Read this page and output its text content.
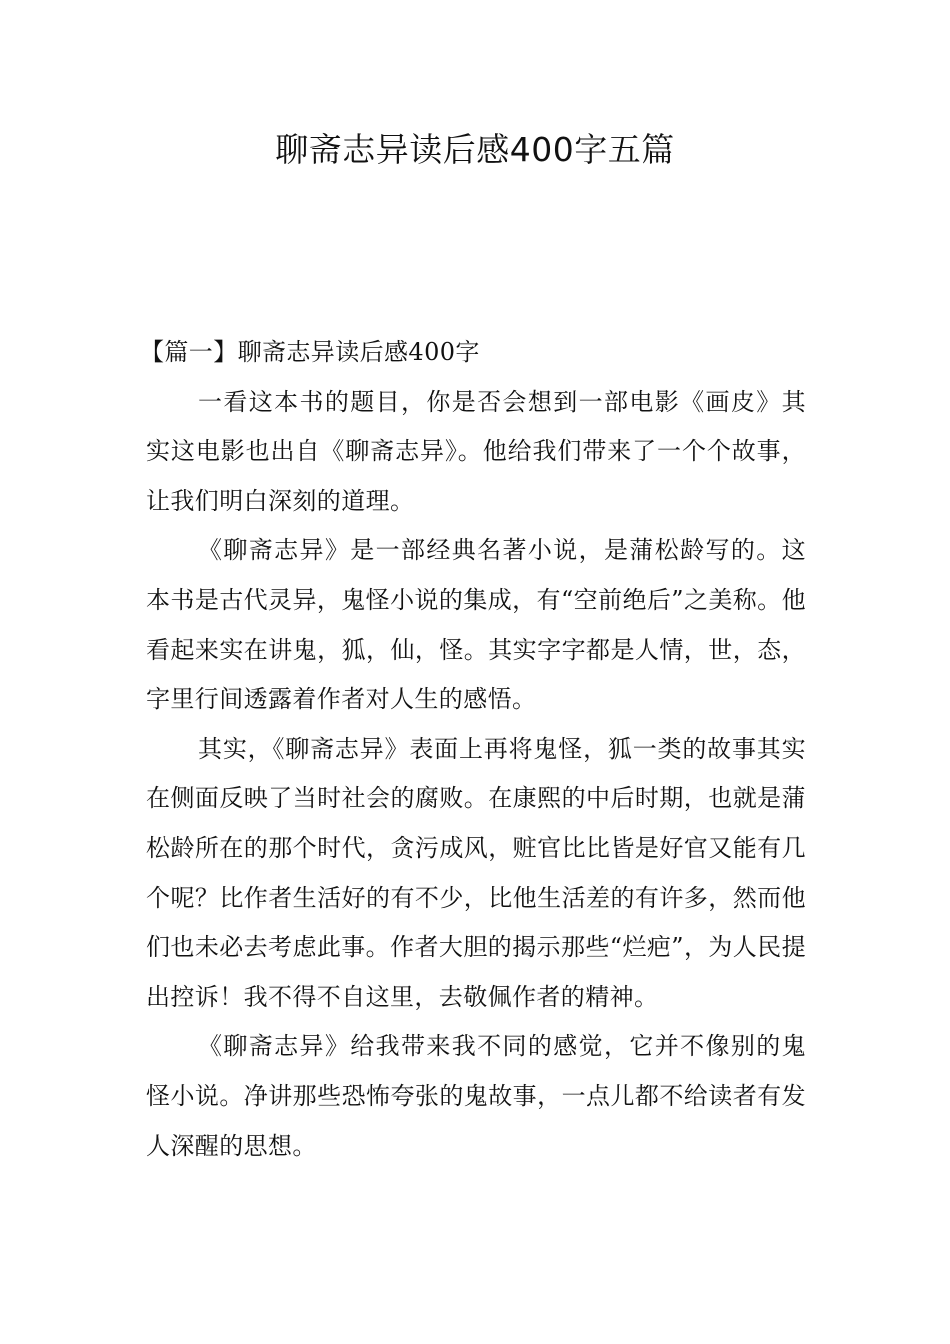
聊斋志异读后感400字五篇

【篇一】聊斋志异读后感400字

一看这本书的题目，你是否会想到一部电影《画皮》其实这电影也出自《聊斋志异》。他给我们带来了一个个故事，让我们明白深刻的道理。

《聊斋志异》是一部经典名著小说，是蒲松龄写的。这本书是古代灵异，鬼怪小说的集成，有“空前绝后”之美称。他看起来实在讲鬼，狐，仙，怪。其实字字都是人情，世，态，字里行间透露着作者对人生的感悟。

其实，《聊斋志异》表面上再将鬼怪，狐一类的故事其实在侧面反映了当时社会的腐败。在康熙的中后时期，也就是蒲松龄所在的那个时代，贪污成风，赃官比比皆是好官又能有几个呢？比作者生活好的有不少，比他生活差的有许多，然而他们也未必去考虑此事。作者大胆的揭示那些“烂疤”，为人民提出控诉！我不得不自这里，去敬佩作者的精神。

《聊斋志异》给我带来我不同的感觉，它并不像别的鬼怪小说。净讲那些恐怖夸张的鬼故事，一点儿都不给读者有发人深醒的思想。
